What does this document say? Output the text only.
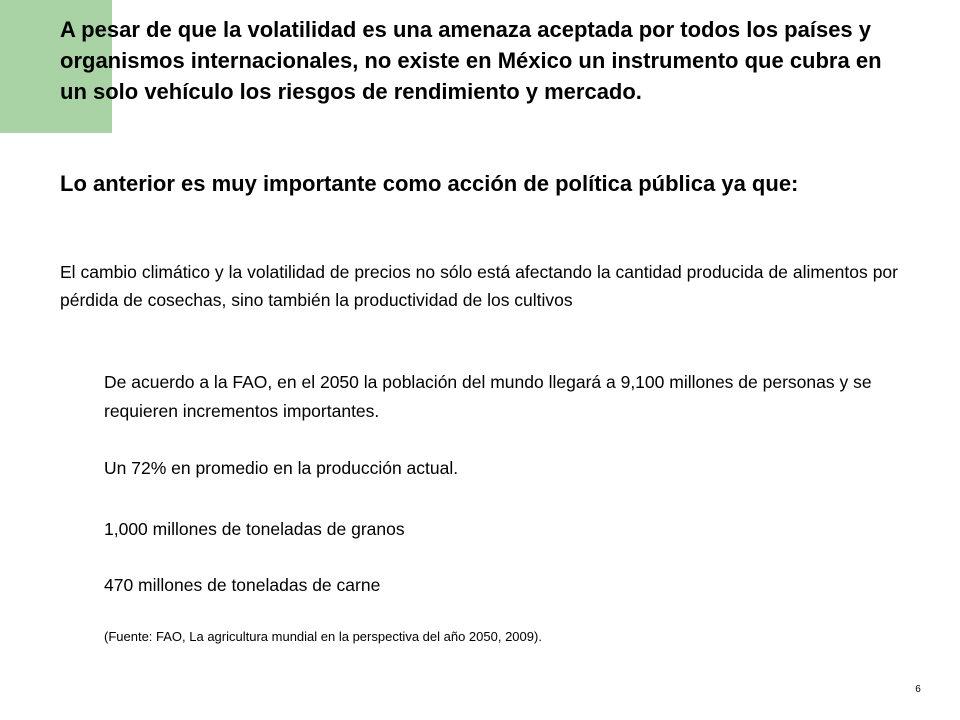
A pesar de que la volatilidad es una amenaza aceptada por todos los países y organismos internacionales, no existe en México un instrumento que cubra en un solo vehículo los riesgos de rendimiento y mercado.

Lo anterior es muy importante como acción de política pública ya que:

El cambio climático y la volatilidad de precios no sólo está afectando la cantidad producida de alimentos por pérdida de cosechas, sino también la productividad de los cultivos

De acuerdo a la FAO, en el 2050 la población del mundo llegará a 9,100 millones de personas y se requieren incrementos importantes.

Un 72% en promedio en la producción actual.

1,000 millones de toneladas de granos

470 millones de toneladas de carne

(Fuente: FAO, La agricultura mundial en la perspectiva del año 2050, 2009).

6
